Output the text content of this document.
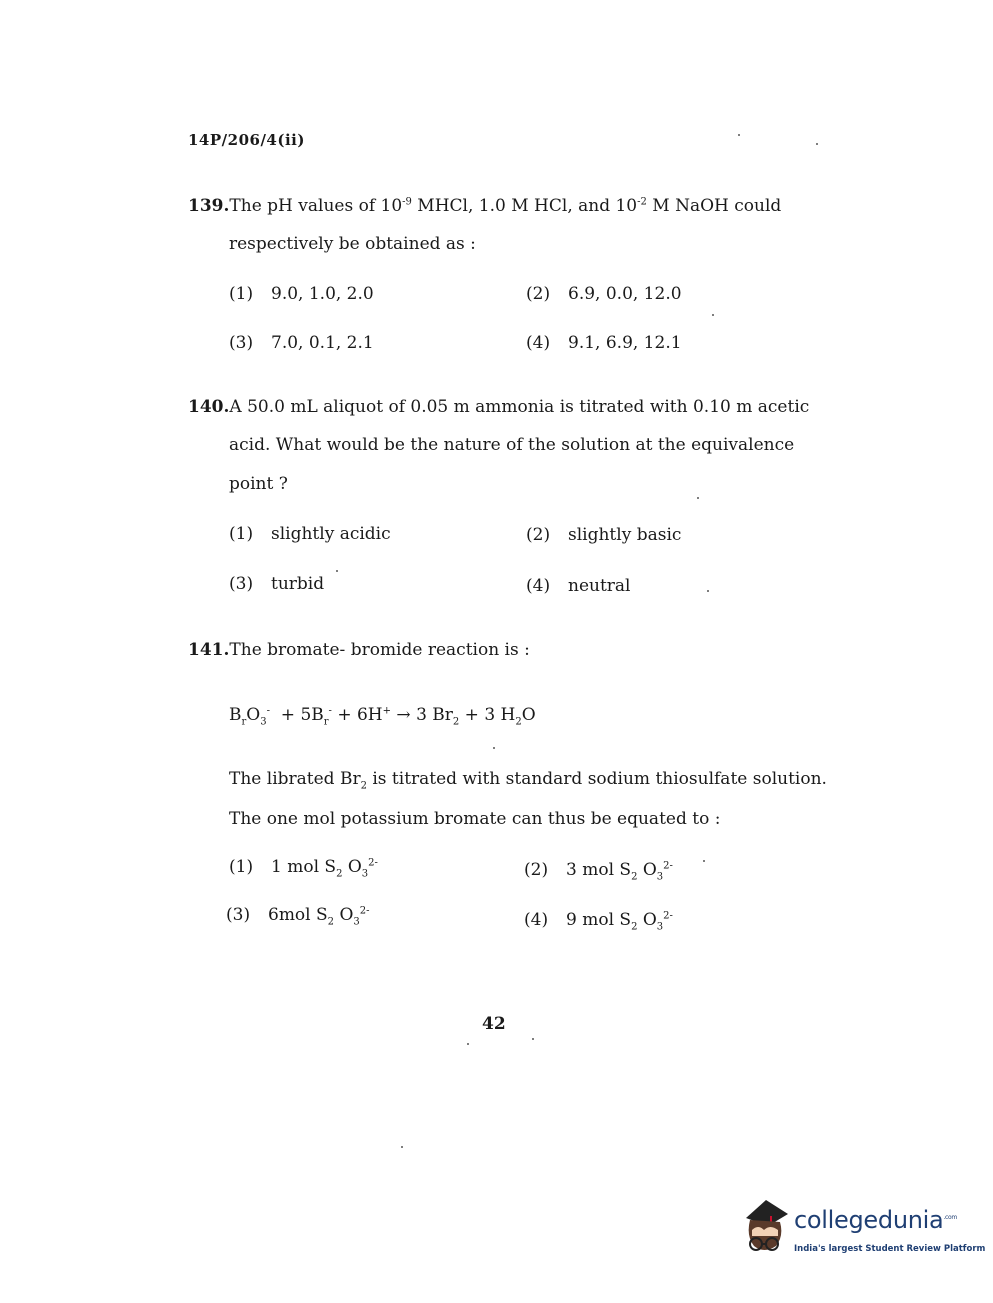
14P/206/4(ii)
139.The pH values of $10^{-9}$ MHCl, 1.0 M HCl, and $10^{-2}$ M NaOH could
respectively be obtained as :
(1) 9.0, 1.0, 2.0	(2) 6.9, 0.0, 12.0
(3) 7.0, 0.1, 2.1	(4) 9.1, 6.9, 12.1
140.A 50.0 mL aliquot of 0.05 m ammonia is titrated with 0.10 m acetic
acid. What would be the nature of the solution at the equivalence
point ?
(1) slightly acidic	(2) slightly basic
(3) turbid	(4) neutral
141.The bromate- bromide reaction is :
$B_rO_3^- + 5B_r^- + 6H^+ \to 3$ $Br_2 + 3$ $H_2O$
The librated $Br_2$ is titrated with standard sodium thiosulfate solution.
The one mol potassium bromate can thus be equated to :
(1) 1 mol $S_2$ $O_3^{2-}$	(2) 3 mol $S_2$ $O_3^{2-}$
(3) 6mol $S_2$ $O_3^{2-}$	(4) 9 mol $S_2$ $O_3^{2-}$
42
collegedunia$^{.com}$
India's largest Student Review Platform
